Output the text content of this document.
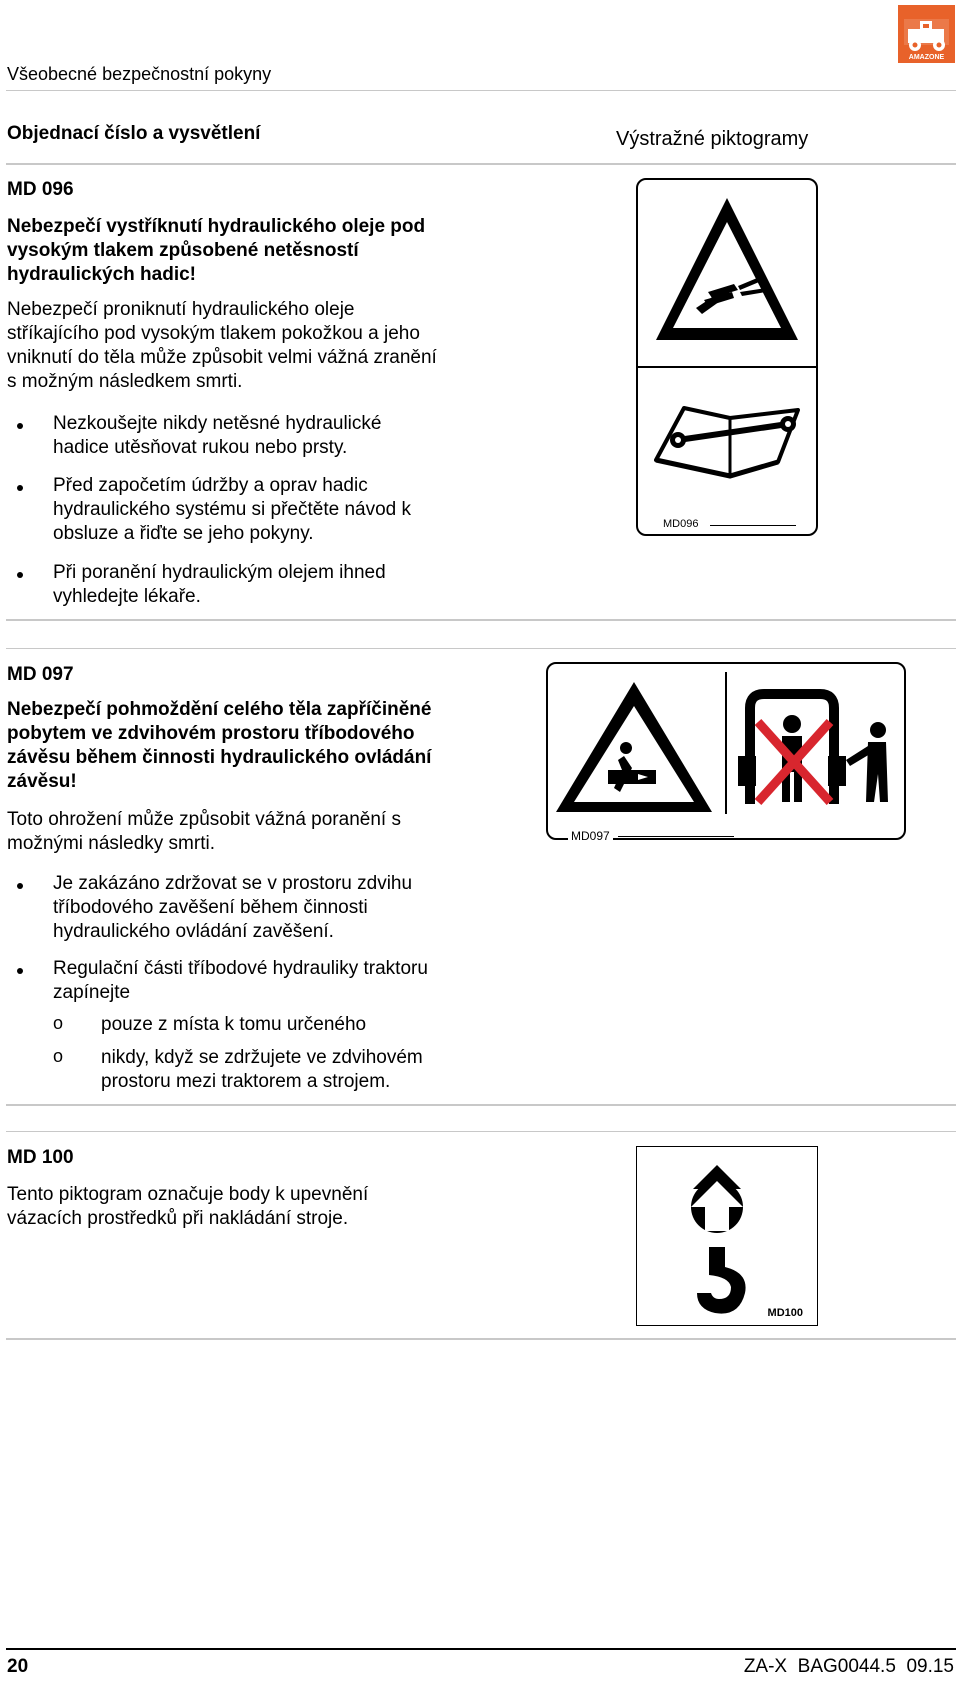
Všeobecné bezpečnostní pokyny
AMAZONE
Objednací číslo a vysvětlení	Výstražné piktogramy
MD 096
Nebezpečí vystříknutí hydraulického oleje pod vysokým tlakem způsobené netěsností hydraulických hadic!
Nebezpečí proniknutí hydraulického oleje stříkajícího pod vysokým tlakem pokožkou a jeho vniknutí do těla může způsobit velmi vážná zranění s možným následkem smrti.
Nezkoušejte nikdy netěsné hydraulické hadice utěsňovat rukou nebo prsty.
Před započetím údržby a oprav hadic hydraulického systému si přečtěte návod k obsluze a řiďte se jeho pokyny.
Při poranění hydraulickým olejem ihned vyhledejte lékaře.
MD096
MD 097
Nebezpečí pohmoždění celého těla zapříčiněné pobytem ve zdvihovém prostoru tříbodového závěsu během činnosti hydraulického ovládání závěsu!
Toto ohrožení může způsobit vážná poranění s možnými následky smrti.
Je zakázáno zdržovat se v prostoru zdvihu tříbodového zavěšení během činnosti hydraulického ovládání zavěšení.
Regulační části tříbodové hydrauliky traktoru zapínejte
ο pouze z místa k tomu určeného
ο nikdy, když se zdržujete ve zdvihovém prostoru mezi traktorem a strojem.
MD097
MD 100
Tento piktogram označuje body k upevnění vázacích prostředků při nakládání stroje.
MD100
20	ZA-X  BAG0044.5  09.15
